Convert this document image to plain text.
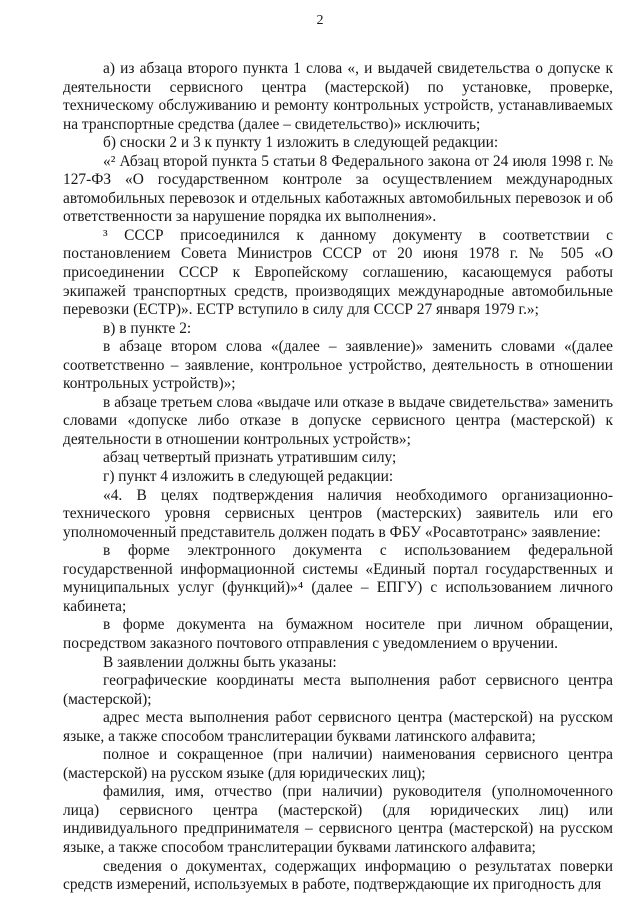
2

а) из абзаца второго пункта 1 слова «, и выдачей свидетельства о допуске к деятельности сервисного центра (мастерской) по установке, проверке, техническому обслуживанию и ремонту контрольных устройств, устанавливаемых на транспортные средства (далее – свидетельство)» исключить;

б) сноски 2 и 3 к пункту 1 изложить в следующей редакции:

«² Абзац второй пункта 5 статьи 8 Федерального закона от 24 июля 1998 г. № 127-ФЗ «О государственном контроле за осуществлением международных автомобильных перевозок и отдельных каботажных автомобильных перевозок и об ответственности за нарушение порядка их выполнения».

³ СССР присоединился к данному документу в соответствии с постановлением Совета Министров СССР от 20 июня 1978 г. № 505 «О присоединении СССР к Европейскому соглашению, касающемуся работы экипажей транспортных средств, производящих международные автомобильные перевозки (ЕСТР)». ЕСТР вступило в силу для СССР 27 января 1979 г.»;

в) в пункте 2:

в абзаце втором слова «(далее – заявление)» заменить словами «(далее соответственно – заявление, контрольное устройство, деятельность в отношении контрольных устройств)»;

в абзаце третьем слова «выдаче или отказе в выдаче свидетельства» заменить словами «допуске либо отказе в допуске сервисного центра (мастерской) к деятельности в отношении контрольных устройств»;

абзац четвертый признать утратившим силу;

г) пункт 4 изложить в следующей редакции:

«4. В целях подтверждения наличия необходимого организационно-технического уровня сервисных центров (мастерских) заявитель или его уполномоченный представитель должен подать в ФБУ «Росавтотранс» заявление:

в форме электронного документа с использованием федеральной государственной информационной системы «Единый портал государственных и муниципальных услуг (функций)»⁴ (далее – ЕПГУ) с использованием личного кабинета;

в форме документа на бумажном носителе при личном обращении, посредством заказного почтового отправления с уведомлением о вручении.

В заявлении должны быть указаны:

географические координаты места выполнения работ сервисного центра (мастерской);

адрес места выполнения работ сервисного центра (мастерской) на русском языке, а также способом транслитерации буквами латинского алфавита;

полное и сокращенное (при наличии) наименования сервисного центра (мастерской) на русском языке (для юридических лиц);

фамилия, имя, отчество (при наличии) руководителя (уполномоченного лица) сервисного центра (мастерской) (для юридических лиц) или индивидуального предпринимателя – сервисного центра (мастерской) на русском языке, а также способом транслитерации буквами латинского алфавита;

сведения о документах, содержащих информацию о результатах поверки средств измерений, используемых в работе, подтверждающие их пригодность для
